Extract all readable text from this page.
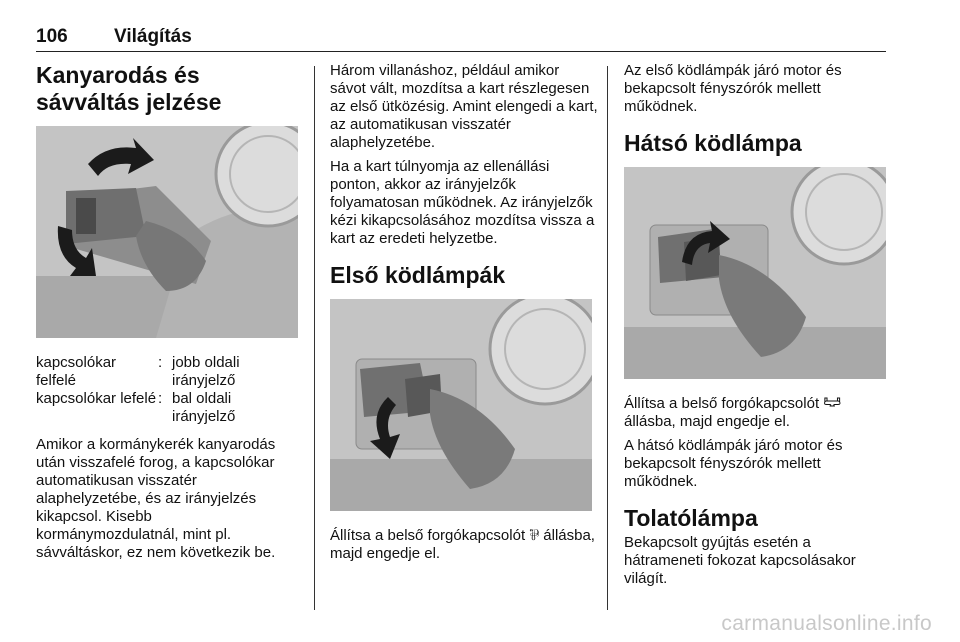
106 Világítás
Kanyarodás és sávváltás jelzése
kapcsolókar felfelé
: jobb oldali irányjelző
kapcsolókar lefelé : bal oldali irányjelző

Amikor a kormánykerék kanyarodás után visszafelé forog, a kapcsolókar automatikusan visszatér alaphelyzetébe, és az irányjelzés kikapcsol. Kisebb kormánymozdulatnál, mint pl. sávváltáskor, ez nem következik be.

Három villanáshoz, például amikor sávot vált, mozdítsa a kart részlegesen az első ütközésig. Amint elengedi a kart, az automatikusan visszatér alaphelyzetébe.

Ha a kart túlnyomja az ellenállási ponton, akkor az irányjelzők folyamatosan működnek. Az irányjelzők kézi kikapcsolásához mozdítsa vissza a kart az eredeti helyzetbe.

Első ködlámpák

Állítsa a belső forgókapcsolót ⅌ állásba, majd engedje el.

Az első ködlámpák járó motor és bekapcsolt fényszórók mellett működnek.

Hátsó ködlámpa

Állítsa a belső forgókapcsolót 𐃟 állásba, majd engedje el.

A hátsó ködlámpák járó motor és bekapcsolt fényszórók mellett működnek.

Tolatólámpa

Bekapcsolt gyújtás esetén a hátrameneti fokozat kapcsolásakor világít.

carmanualsonline.info
